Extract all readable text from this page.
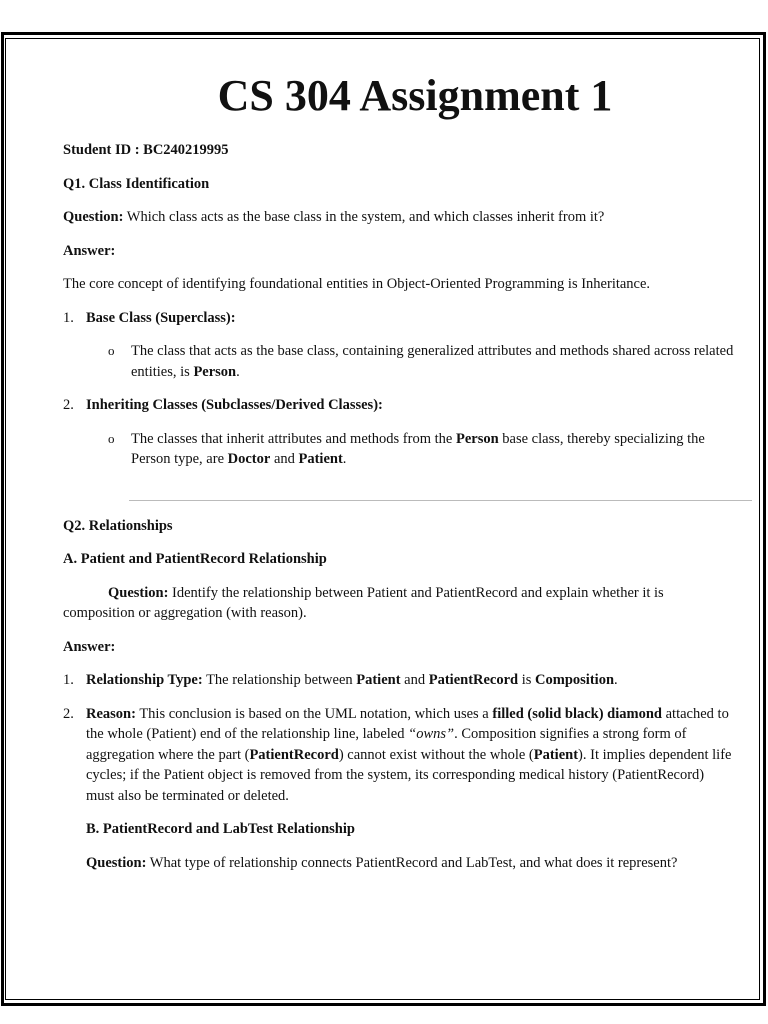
CS 304 Assignment 1

Student ID : BC240219995

Q1. Class Identification

Question: Which class acts as the base class in the system, and which classes inherit from it?

Answer:

The core concept of identifying foundational entities in Object-Oriented Programming is Inheritance.

1. Base Class (Superclass):
o	The class that acts as the base class, containing generalized attributes and methods shared across related entities, is Person.
2. Inheriting Classes (Subclasses/Derived Classes):
o	The classes that inherit attributes and methods from the Person base class, thereby specializing the Person type, are Doctor and Patient.

Q2. Relationships

A. Patient and PatientRecord Relationship

Question: Identify the relationship between Patient and PatientRecord and explain whether it is composition or aggregation (with reason).

Answer:

1. Relationship Type: The relationship between Patient and PatientRecord is Composition.
2. Reason: This conclusion is based on the UML notation, which uses a filled (solid black) diamond attached to the whole (Patient) end of the relationship line, labeled “owns”. Composition signifies a strong form of aggregation where the part (PatientRecord) cannot exist without the whole (Patient). It implies dependent life cycles; if the Patient object is removed from the system, its corresponding medical history (PatientRecord) must also be terminated or deleted.

B. PatientRecord and LabTest Relationship

Question: What type of relationship connects PatientRecord and LabTest, and what does it represent?
